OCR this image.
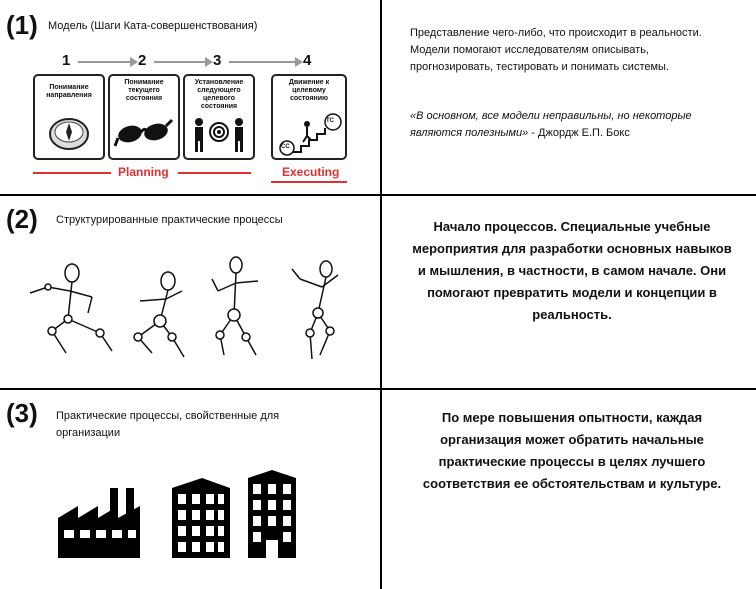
(1) Модель (Шаги Ката-совершенствования)
1	2	3	4
Понимание направления
Понимание текущего состояния
Установление следующего целевого состояния
Движение к целевому состоянию
TC
CC
Planning	Executing
Представление чего-либо, что происходит в реальности. Модели помогают исследователям описывать, прогнозировать, тестировать и понимать системы.
«В основном, все модели неправильны, но некоторые являются полезными» - Джордж Е.П. Бокс
(2) Структурированные практические процессы	Начало процессов. Специальные учебные мероприятия для разработки основных навыков и мышления, в частности, в самом начале. Они помогают превратить модели и концепции в реальность.
(3) Практические процессы, свойственные для организации
По мере повышения опытности, каждая организация может обратить начальные практические процессы в целях лучшего соответствия ее обстоятельствам и культуре.
